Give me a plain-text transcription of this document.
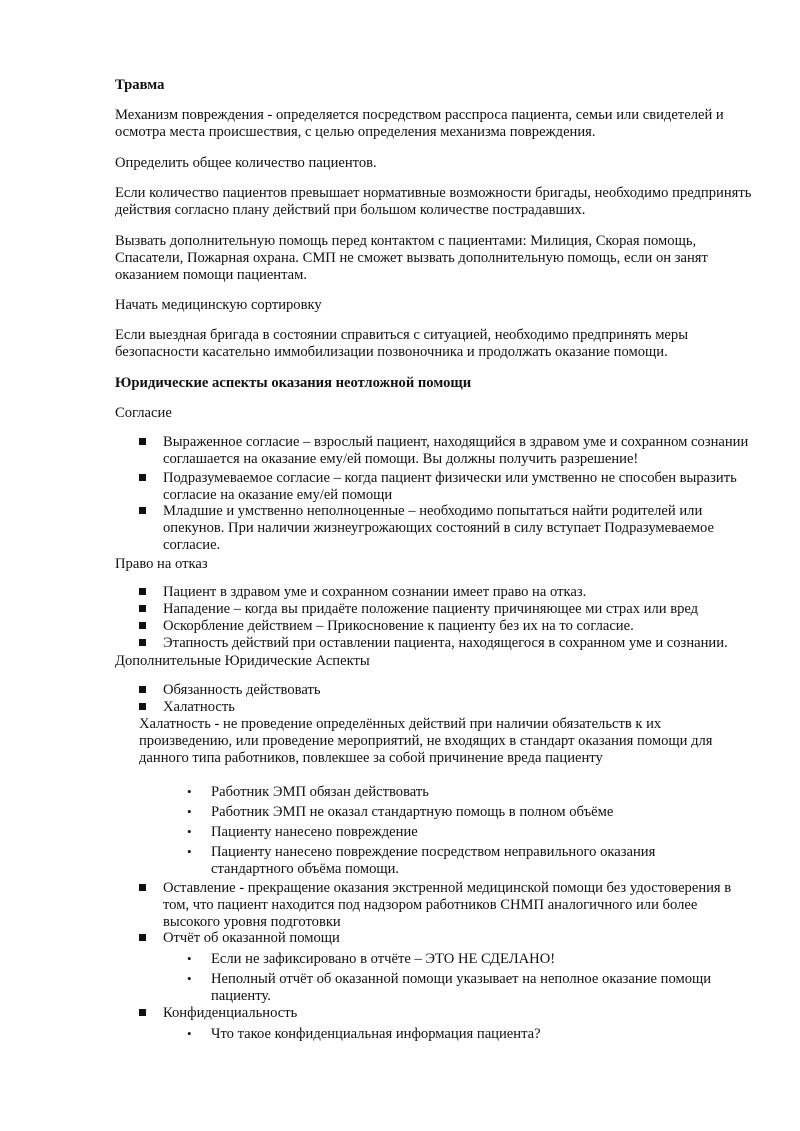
Травма

Механизм повреждения - определяется посредством расспроса пациента, семьи или свидетелей и осмотра места происшествия, с целью определения механизма повреждения.

Определить общее количество пациентов.

Если количество пациентов превышает нормативные возможности бригады, необходимо предпринять действия согласно плану действий при большом количестве пострадавших.

Вызвать дополнительную помощь перед контактом с пациентами: Милиция, Скорая помощь, Спасатели, Пожарная охрана. СМП не сможет вызвать дополнительную помощь, если он занят оказанием помощи пациентам.

Начать медицинскую сортировку

Если выездная бригада в состоянии справиться с ситуацией, необходимо предпринять меры безопасности касательно иммобилизации позвоночника и продолжать оказание помощи.

Юридические аспекты оказания неотложной помощи

Согласие

Выраженное согласие – взрослый пациент, находящийся в здравом уме и сохранном сознании соглашается на оказание ему/ей помощи. Вы должны получить разрешение!

Подразумеваемое согласие – когда пациент физически или умственно не способен выразить согласие на оказание ему/ей помощи

Младшие и умственно неполноценные – необходимо попытаться найти родителей или опекунов. При наличии жизнеугрожающих состояний в силу вступает Подразумеваемое согласие.

Право на отказ

Пациент в здравом уме и сохранном сознании имеет право на отказ.

Нападение – когда вы придаёте положение пациенту причиняющее ми страх или вред

Оскорбление действием – Прикосновение к пациенту без их на то согласие.

Этапность действий при оставлении пациента, находящегося в сохранном уме и сознании.

Дополнительные Юридические Аспекты

Обязанность действовать

Халатность

Халатность - не проведение определённых действий при наличии обязательств к их произведению, или проведение мероприятий, не входящих в стандарт оказания помощи для данного типа работников, повлекшее за собой причинение вреда пациенту

• Работник ЭМП обязан действовать

• Работник ЭМП не оказал стандартную помощь в полном объёме

• Пациенту нанесено повреждение

• Пациенту нанесено повреждение посредством неправильного оказания стандартного объёма помощи.

Оставление - прекращение оказания экстренной медицинской помощи без удостоверения в том, что пациент находится под надзором работников СНМП аналогичного или более высокого уровня подготовки

Отчёт об оказанной помощи

• Если не зафиксировано в отчёте – ЭТО НЕ СДЕЛАНО!

• Неполный отчёт об оказанной помощи указывает на неполное оказание помощи пациенту.

Конфиденциальность

• Что такое конфиденциальная информация пациента?
